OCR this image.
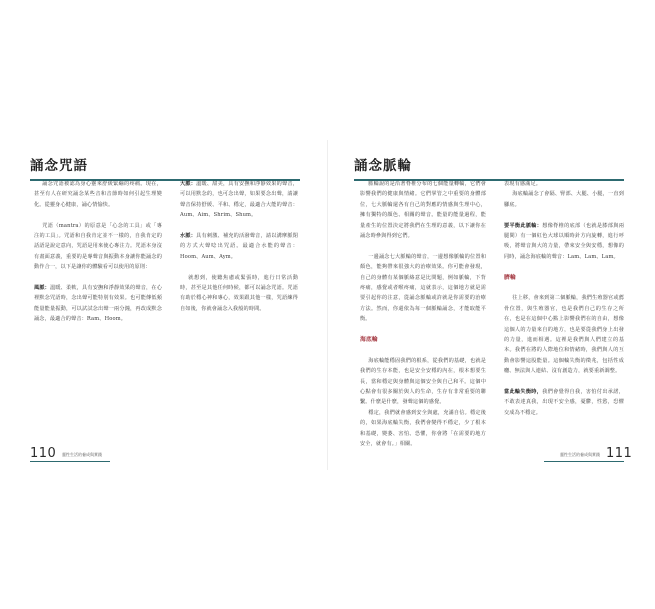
誦念咒語

誦念咒語被認為身心靈來舒緩緊繃的疼痛。現在，甚至有人在研究誦念某些音和音節時如何引起生理變化。從靈身心健康，誦心情愉快。

咒語（mantra）的原意是「心念的工具」或「專注的工具」。咒語和自我肯定並不一樣的，自我肯定的話語是說定意向，咒語是用來使心專注力。咒語本身沒有畫面意義，重要的是專聲音與振動本身讓你能誦念的動作合一，以下是讓你的體驗看可以使用的原則：

風脈：溫暖、柔軟，具有安撫和淨靜效果的聲音，在心裡默念咒語時，念出聲可能特別有效果。也可能傳低頻能量能量振動，可以試試念出聲一兩分鐘，再改成默念誦念，最適合的聲音：Ram、Hoom。

大脈：溫暖、甜美，具有安撫和淨靜效果的聲音，可以用默念的，也可念出聲，如果要念出聲，請讓聲音保持舒緩、平和、穩定，最適合大能的聲音：Aum、Aim、Shrim、Shum。

水脈：具有刺激、補充的活潑聲音，請以溝摩脈閉的方式大聲唸出咒語。最適合水能的聲音：Hoom、Aum、Aym。

就想到，使聽焦慮或緊張時，進行日常活動時，甚至是其他任何時候，都可以誦念咒語。咒語有助於穩心神和專心，效果跟其他一樣，咒語練得自如後，你就會誦念入我般的時間。

110 靈性生活的養成與實踐
誦念脈輪

脈輪說的是沿著脊椎分布的七個能量轉輪，它們會影響我們的健康與情緒。它們掌管之中重要的身體部位，七大脈輪還各有自己的對應的情感與生理中心，擁有獨特的顏色、相關的聲音。能量的能量過程，能量產生的位置決定將我們在生理的意義，以下讓你在誦念時參與得到它們。

一邊誦念七大脈輪的聲音，一邊想像脈輪的位置和顏色，能夠帶來很強大的治療效果。你可能會發現，自己的身體有某個脈絡意是比問題，例如脈輪，下背疼痛，感覺或者喉疼痛，這就表示，這個地方就是需要引起你的注意，從誦念脈輪或許就是你需要的治療方法。然而，你還依為每一個脈輪誦念，才能取能平衡。

海底輪

海底輪能穩固我們的根系，從我們的基礎，也就是我們的生存本能，也是安全安穩的內在，根本想要生長，當和穩定與身體與這個安全與自己和平。這個中心點會有很多關於與人的生命，生存有非常重要的聯繫。什麼是什麼，發聲這個的感覺。

穩定，我們就會感到安全與處，充滿自信。穩定後的，如果海底輪失衡，我們會變得不穩定，少了根本和基礎，變萎、害怕、恐懼，你會將「在需要的地方安全，就會有。」相關。

表現有感滿足。

海底輪誦念了會隔、腎部、大腿、小腿，一直到腳底。

要平衡此脈輪：想像脊椎的底部（也就是膝部與兩腿間）有一個紅色大球以順時針方向旋轉，進行呼吸，將聲音與大的力量，帶來安全與安穩，想像的同時，誦念海底輪的聲音：Lam、Lam、Lam。

臍輪

往上移，會來到第二個脈輪，我們生殖器官或薦骨位置，與生殖器官，也是我們自己的生存之所在，也是在這個中心點上影響我們在的自由，想像這個人的力量來自的地方，也是要從我們身上出發的力量，進而相遇。這裡是我們與人們建立的基本。我們在將的人際地位和情緒時，我們與人的互動會影響這股能量。這個輪失衡的徵兆，包括性成癮、無法與人連結、沒有創造力，就要重新調整。

當此輪失衡時，我們會覺得自我，害怕付出承諾，不敢表達真我，出現不安全感，憂鬱，性慾，恐懼交成為不穩定。

靈性生活的養成與實踐 111
